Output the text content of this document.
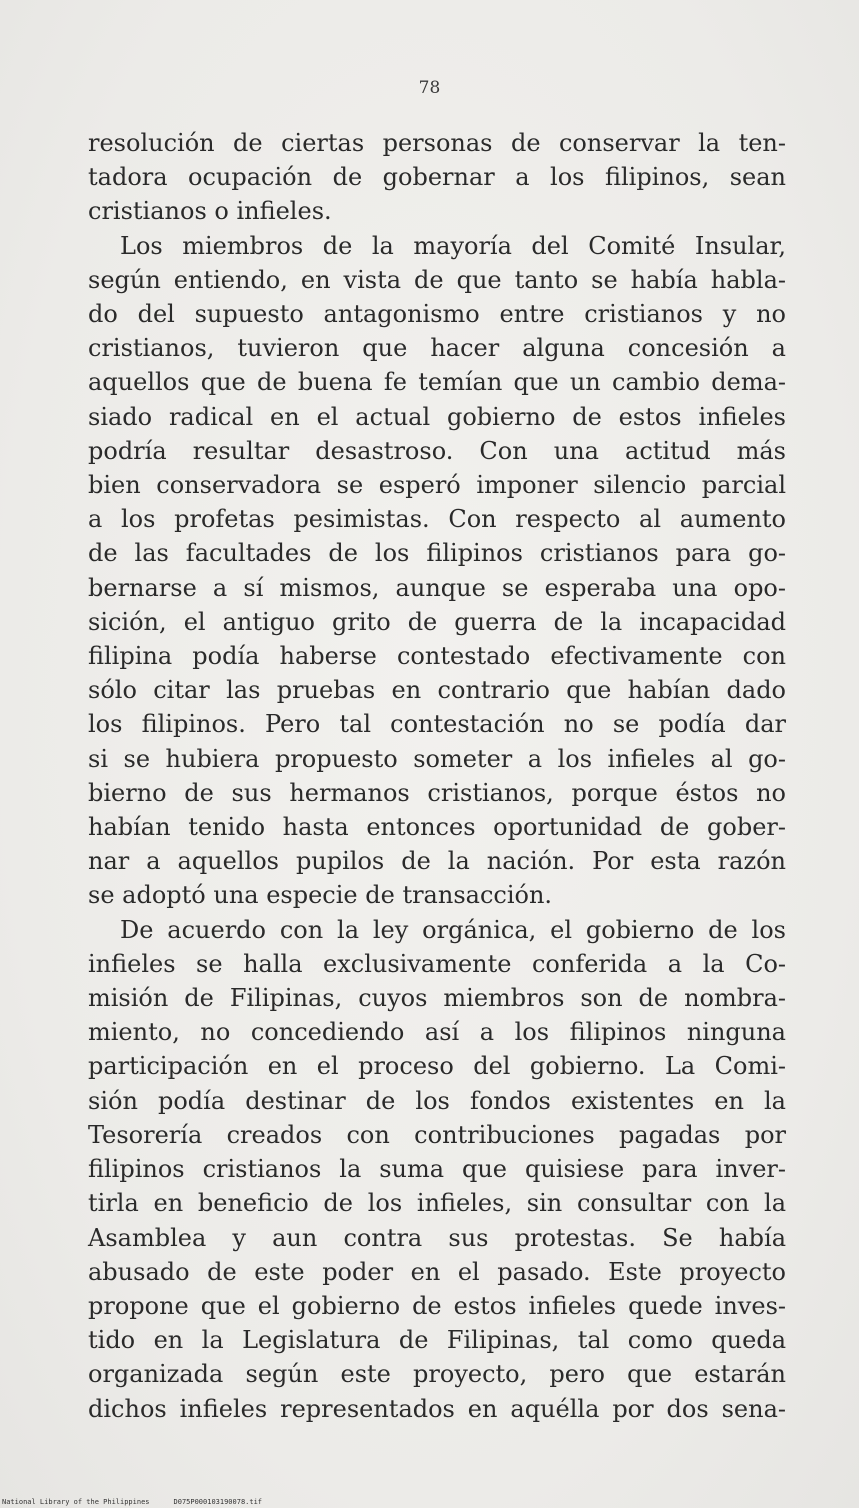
78

resolución de ciertas personas de conservar la ten-
tadora ocupación de gobernar a los filipinos, sean
cristianos o infieles.

Los miembros de la mayoría del Comité Insular,
según entiendo, en vista de que tanto se había habla-
do del supuesto antagonismo entre cristianos y no
cristianos, tuvieron que hacer alguna concesión a
aquellos que de buena fe temían que un cambio dema-
siado radical en el actual gobierno de estos infieles
podría resultar desastroso. Con una actitud más
bien conservadora se esperó imponer silencio parcial
a los profetas pesimistas. Con respecto al aumento
de las facultades de los filipinos cristianos para go-
bernarse a sí mismos, aunque se esperaba una opo-
sición, el antiguo grito de guerra de la incapacidad
filipina podía haberse contestado efectivamente con
sólo citar las pruebas en contrario que habían dado
los filipinos. Pero tal contestación no se podía dar
si se hubiera propuesto someter a los infieles al go-
bierno de sus hermanos cristianos, porque éstos no
habían tenido hasta entonces oportunidad de gober-
nar a aquellos pupilos de la nación. Por esta razón
se adoptó una especie de transacción.

De acuerdo con la ley orgánica, el gobierno de los
infieles se halla exclusivamente conferida a la Co-
misión de Filipinas, cuyos miembros son de nombra-
miento, no concediendo así a los filipinos ninguna
participación en el proceso del gobierno. La Comi-
sión podía destinar de los fondos existentes en la
Tesorería creados con contribuciones pagadas por
filipinos cristianos la suma que quisiese para inver-
tirla en beneficio de los infieles, sin consultar con la
Asamblea y aun contra sus protestas. Se había
abusado de este poder en el pasado. Este proyecto
propone que el gobierno de estos infieles quede inves-
tido en la Legislatura de Filipinas, tal como queda
organizada según este proyecto, pero que estarán
dichos infieles representados en aquélla por dos sena-

National Library of the Philippines	D075P000103190078.tif
